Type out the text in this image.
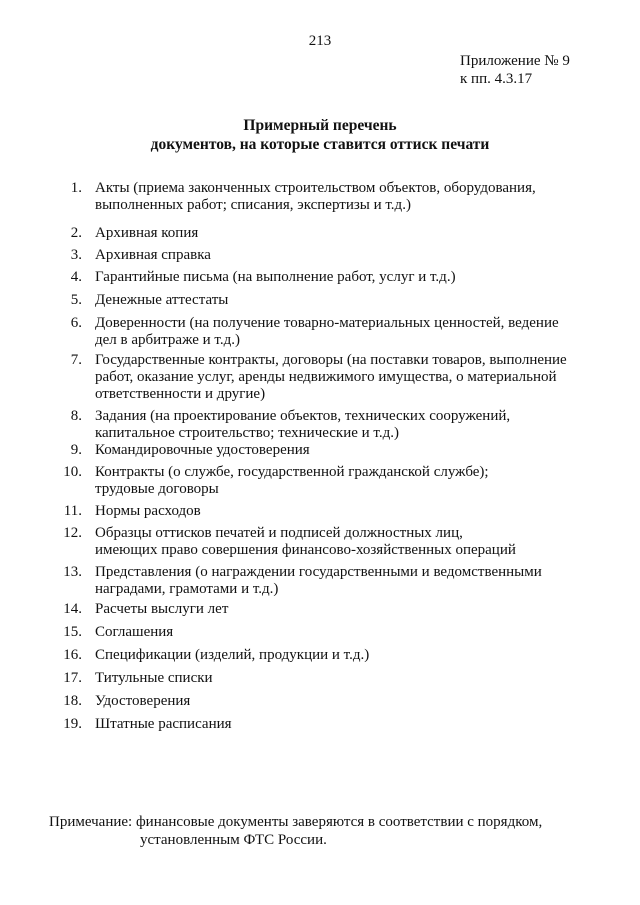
213
Приложение № 9
к пп. 4.3.17
Примерный перечень
документов, на которые ставится оттиск печати
1. Акты (приема законченных строительством объектов, оборудования,
выполненных работ; списания, экспертизы и т.д.)
2. Архивная копия
3. Архивная справка
4. Гарантийные письма (на выполнение работ, услуг и т.д.)
5. Денежные аттестаты
6. Доверенности (на получение товарно-материальных ценностей, ведение
дел в арбитраже и т.д.)
7. Государственные контракты, договоры (на поставки товаров, выполнение
работ, оказание услуг, аренды недвижимого имущества, о материальной
ответственности и другие)
8. Задания (на проектирование объектов, технических сооружений,
капитальное строительство; технические и т.д.)
9. Командировочные удостоверения
10. Контракты (о службе, государственной гражданской службе);
трудовые договоры
11. Нормы расходов
12. Образцы оттисков печатей и подписей должностных лиц,
имеющих право совершения финансово-хозяйственных операций
13. Представления (о награждении государственными и ведомственными
наградами, грамотами и т.д.)
14. Расчеты выслуги лет
15. Соглашения
16. Спецификации (изделий, продукции и т.д.)
17. Титульные списки
18. Удостоверения
19. Штатные расписания
Примечание: финансовые документы заверяются в соответствии с порядком,
установленным ФТС России.
